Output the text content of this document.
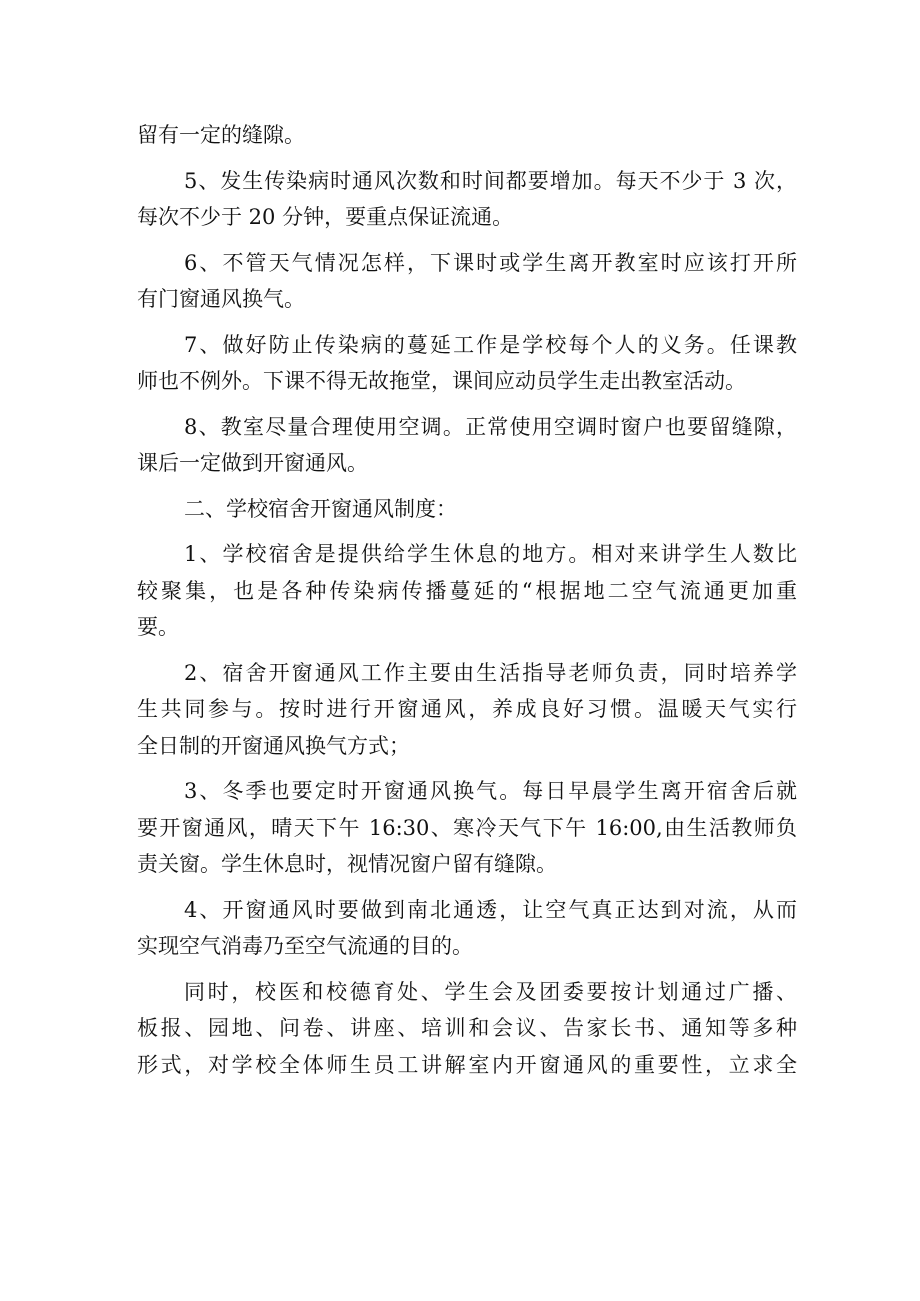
留有一定的缝隙。
5、发生传染病时通风次数和时间都要增加。每天不少于 3 次，
每次不少于 20 分钟，要重点保证流通。
6、不管天气情况怎样，下课时或学生离开教室时应该打开所
有门窗通风换气。
7、做好防止传染病的蔓延工作是学校每个人的义务。任课教
师也不例外。下课不得无故拖堂，课间应动员学生走出教室活动。
8、教室尽量合理使用空调。正常使用空调时窗户也要留缝隙，
课后一定做到开窗通风。
二、学校宿舍开窗通风制度：
1、学校宿舍是提供给学生休息的地方。相对来讲学生人数比
较聚集，也是各种传染病传播蔓延的“根据地二空气流通更加重
要。
2、宿舍开窗通风工作主要由生活指导老师负责，同时培养学
生共同参与。按时进行开窗通风，养成良好习惯。温暖天气实行
全日制的开窗通风换气方式；
3、冬季也要定时开窗通风换气。每日早晨学生离开宿舍后就
要开窗通风，晴天下午 16:30、寒冷天气下午 16:00,由生活教师负
责关窗。学生休息时，视情况窗户留有缝隙。
4、开窗通风时要做到南北通透，让空气真正达到对流，从而
实现空气消毒乃至空气流通的目的。
同时，校医和校德育处、学生会及团委要按计划通过广播、
板报、园地、问卷、讲座、培训和会议、告家长书、通知等多种
形式，对学校全体师生员工讲解室内开窗通风的重要性，立求全
